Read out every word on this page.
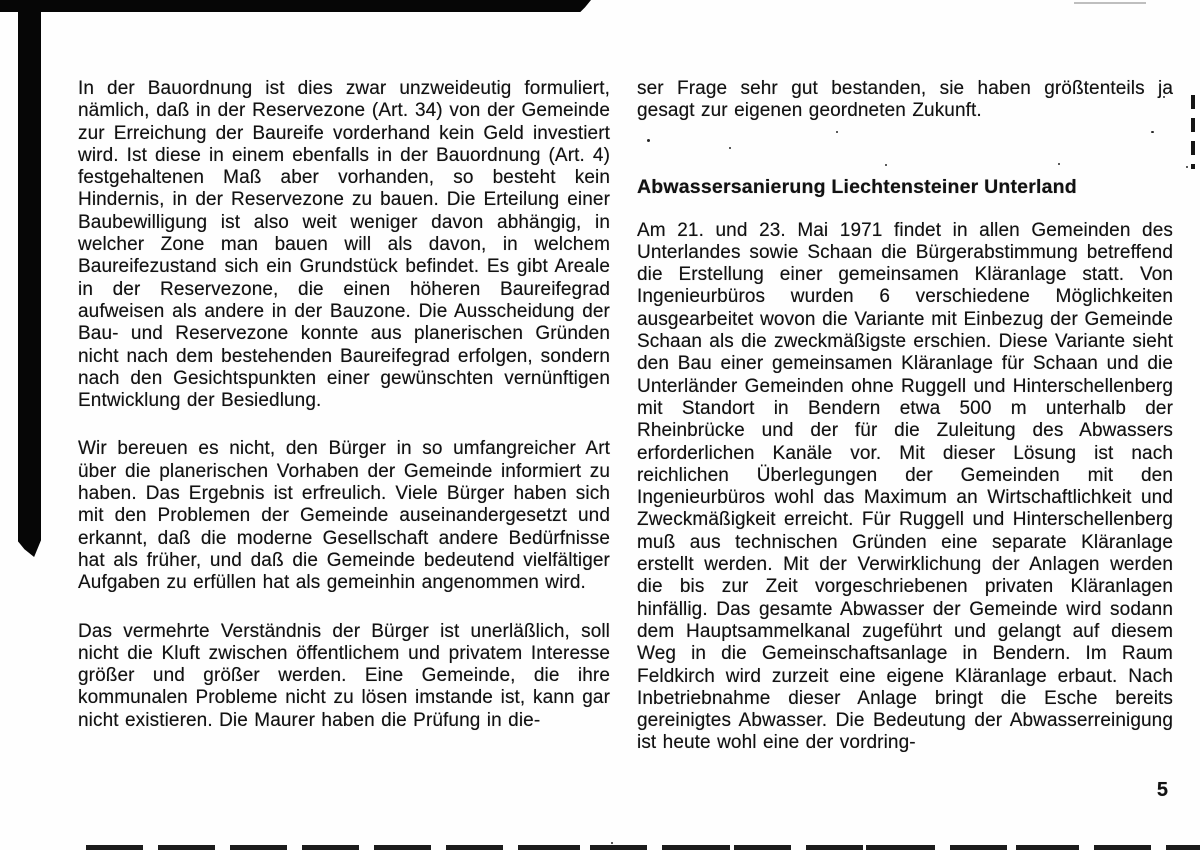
In der Bauordnung ist dies zwar unzweideutig formuliert, nämlich, daß in der Reservezone (Art. 34) von der Gemeinde zur Erreichung der Baureife vorderhand kein Geld investiert wird. Ist diese in einem ebenfalls in der Bauordnung (Art. 4) festgehaltenen Maß aber vorhanden, so besteht kein Hindernis, in der Reservezone zu bauen. Die Erteilung einer Baubewilligung ist also weit weniger davon abhängig, in welcher Zone man bauen will als davon, in welchem Baureifezustand sich ein Grundstück befindet. Es gibt Areale in der Reservezone, die einen höheren Baureifegrad aufweisen als andere in der Bauzone. Die Ausscheidung der Bau- und Reservezone konnte aus planerischen Gründen nicht nach dem bestehenden Baureifegrad erfolgen, sondern nach den Gesichtspunkten einer gewünschten vernünftigen Entwicklung der Besiedlung.

Wir bereuen es nicht, den Bürger in so umfangreicher Art über die planerischen Vorhaben der Gemeinde informiert zu haben. Das Ergebnis ist erfreulich. Viele Bürger haben sich mit den Problemen der Gemeinde auseinandergesetzt und erkannt, daß die moderne Gesellschaft andere Bedürfnisse hat als früher, und daß die Gemeinde bedeutend vielfältiger Aufgaben zu erfüllen hat als gemeinhin angenommen wird.

Das vermehrte Verständnis der Bürger ist unerläßlich, soll nicht die Kluft zwischen öffentlichem und privatem Interesse größer und größer werden. Eine Gemeinde, die ihre kommunalen Probleme nicht zu lösen imstande ist, kann gar nicht existieren. Die Maurer haben die Prüfung in die-

ser Frage sehr gut bestanden, sie haben größtenteils ja gesagt zur eigenen geordneten Zukunft.

Abwassersanierung Liechtensteiner Unterland

Am 21. und 23. Mai 1971 findet in allen Gemeinden des Unterlandes sowie Schaan die Bürgerabstimmung betreffend die Erstellung einer gemeinsamen Kläranlage statt. Von Ingenieurbüros wurden 6 verschiedene Möglichkeiten ausgearbeitet wovon die Variante mit Einbezug der Gemeinde Schaan als die zweckmäßigste erschien. Diese Variante sieht den Bau einer gemeinsamen Kläranlage für Schaan und die Unterländer Gemeinden ohne Ruggell und Hinterschellenberg mit Standort in Bendern etwa 500 m unterhalb der Rheinbrücke und der für die Zuleitung des Abwassers erforderlichen Kanäle vor. Mit dieser Lösung ist nach reichlichen Überlegungen der Gemeinden mit den Ingenieurbüros wohl das Maximum an Wirtschaftlichkeit und Zweckmäßigkeit erreicht. Für Ruggell und Hinterschellenberg muß aus technischen Gründen eine separate Kläranlage erstellt werden. Mit der Verwirklichung der Anlagen werden die bis zur Zeit vorgeschriebenen privaten Kläranlagen hinfällig. Das gesamte Abwasser der Gemeinde wird sodann dem Hauptsammelkanal zugeführt und gelangt auf diesem Weg in die Gemeinschaftsanlage in Bendern. Im Raum Feldkirch wird zurzeit eine eigene Kläranlage erbaut. Nach Inbetriebnahme dieser Anlage bringt die Esche bereits gereinigtes Abwasser. Die Bedeutung der Abwasserreinigung ist heute wohl eine der vordring-

5
